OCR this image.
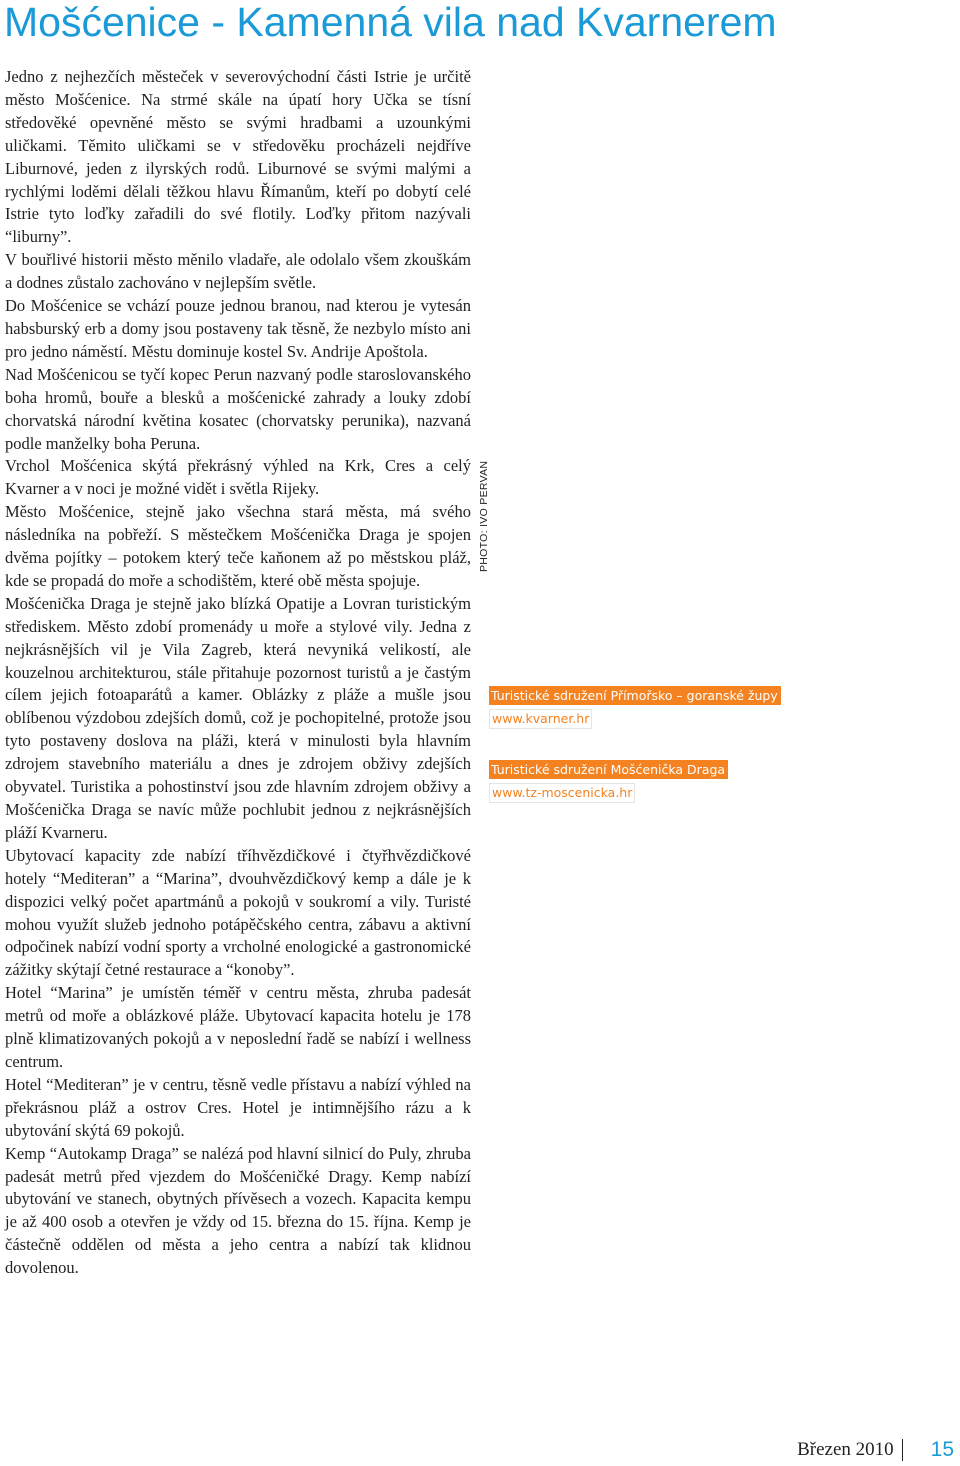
Mošćenice - Kamenná vila nad Kvarnerem

Jedno z nejhezčích městeček v severovýchodní části Istrie je určitě město Mošćenice. Na strmé skále na úpatí hory Učka se tísní středověké opevněné město se svými hradbami a uzounkými uličkami. Těmito uličkami se v středověku procházeli nejdříve Liburnové, jeden z ilyrských rodů. Liburnové se svými malými a rychlými loděmi dělali těžkou hlavu Římanům, kteří po dobytí celé Istrie tyto loďky zařadili do své flotily. Loďky přitom nazývali “liburny”.

V bouřlivé historii město měnilo vladaře, ale odolalo všem zkouškám a dodnes zůstalo zachováno v nejlepším světle.

Do Mošćenice se vchází pouze jednou branou, nad kterou je vytesán habsburský erb a domy jsou postaveny tak těsně, že nezbylo místo ani pro jedno náměstí. Městu dominuje kostel Sv. Andrije Apoštola.

Nad Mošćenicou se tyčí kopec Perun nazvaný podle staroslovanského boha hromů, bouře a blesků a mošćenické zahrady a louky zdobí chorvatská národní květina kosatec (chorvatsky perunika), nazvaná podle manželky boha Peruna.

Vrchol Mošćenica skýtá překrásný výhled na Krk, Cres a celý Kvarner a v noci je možné vidět i světla Rijeky.

Město Mošćenice, stejně jako všechna stará města, má svého následníka na pobřeží. S městečkem Mošćenička Draga je spojen dvěma pojítky – potokem který teče kaňonem až po městskou pláž, kde se propadá do moře a schodištěm, které obě města spojuje.

Mošćenička Draga je stejně jako blízká Opatije a Lovran turistickým střediskem. Město zdobí promenády u moře a stylové vily. Jedna z nejkrásnějších vil je Vila Zagreb, která nevyniká velikostí, ale kouzelnou architekturou, stále přitahuje pozornost turistů a je častým cílem jejich fotoaparátů a kamer. Oblázky z pláže a mušle jsou oblíbenou výzdobou zdejších domů, což je pochopitelné, protože jsou tyto postaveny doslova na pláži, která v minulosti byla hlavním zdrojem stavebního materiálu a dnes je zdrojem obživy zdejších obyvatel. Turistika a pohostinství jsou zde hlavním zdrojem obživy a Mošćenička Draga se navíc může pochlubit jednou z nejkrásnějších pláží Kvarneru.

Ubytovací kapacity zde nabízí tříhvězdičkové i čtyřhvězdičkové hotely “Mediteran” a “Marina”, dvouhvězdičkový kemp a dále je k dispozici velký počet apartmánů a pokojů v soukromí a vily. Turisté mohou využít služeb jednoho potápěčského centra, zábavu a aktivní odpočinek nabízí vodní sporty a vrcholné enologické a gastronomické zážitky skýtají četné restaurace a “konoby”.

Hotel “Marina” je umístěn téměř v centru města, zhruba padesát metrů od moře a oblázkové pláže. Ubytovací kapacita hotelu je 178 plně klimatizovaných pokojů a v neposlední řadě se nabízí i wellness centrum.

Hotel “Mediteran” je v centru, těsně vedle přístavu a nabízí výhled na překrásnou pláž a ostrov Cres. Hotel je intimnějšího rázu a k ubytování skýtá 69 pokojů.

Kemp “Autokamp Draga” se nalézá pod hlavní silnicí do Puly, zhruba padesát metrů před vjezdem do Mošćeničké Dragy. Kemp nabízí ubytování ve stanech, obytných přívěsech a vozech. Kapacita kempu je až 400 osob a otevřen je vždy od 15. března do 15. října. Kemp je částečně oddělen od města a jeho centra a nabízí tak klidnou dovolenou.

PHOTO: IVO PERVAN
Turistické sdružení Přímořsko – goranské župy
www.kvarner.hr
Turistické sdružení Mošćenička Draga
www.tz-moscenicka.hr
Březen 2010 15
